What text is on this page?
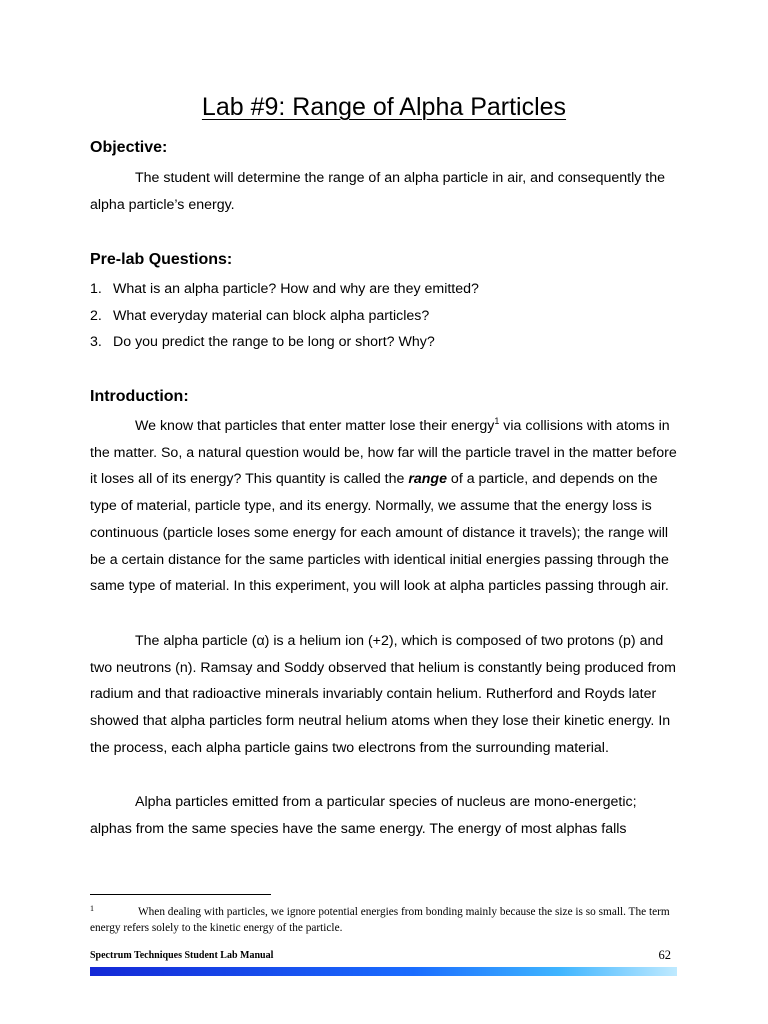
Lab #9: Range of Alpha Particles
Objective:

The student will determine the range of an alpha particle in air, and consequently the alpha particle’s energy.

Pre-lab Questions:
1. What is an alpha particle? How and why are they emitted?
2. What everyday material can block alpha particles?
3. Do you predict the range to be long or short? Why?
Introduction:

We know that particles that enter matter lose their energy$^1$ via collisions with atoms in the matter. So, a natural question would be, how far will the particle travel in the matter before it loses all of its energy? This quantity is called the range of a particle, and depends on the type of material, particle type, and its energy. Normally, we assume that the energy loss is continuous (particle loses some energy for each amount of distance it travels); the range will be a certain distance for the same particles with identical initial energies passing through the same type of material. In this experiment, you will look at alpha particles passing through air.

The alpha particle (α) is a helium ion (+2), which is composed of two protons (p) and two neutrons (n). Ramsay and Soddy observed that helium is constantly being produced from radium and that radioactive minerals invariably contain helium. Rutherford and Royds later showed that alpha particles form neutral helium atoms when they lose their kinetic energy. In the process, each alpha particle gains two electrons from the surrounding material.

Alpha particles emitted from a particular species of nucleus are mono-energetic; alphas from the same species have the same energy. The energy of most alphas falls

1	When dealing with particles, we ignore potential energies from bonding mainly because the size is so small. The term energy refers solely to the kinetic energy of the particle.
Spectrum Techniques Student Lab Manual	62
